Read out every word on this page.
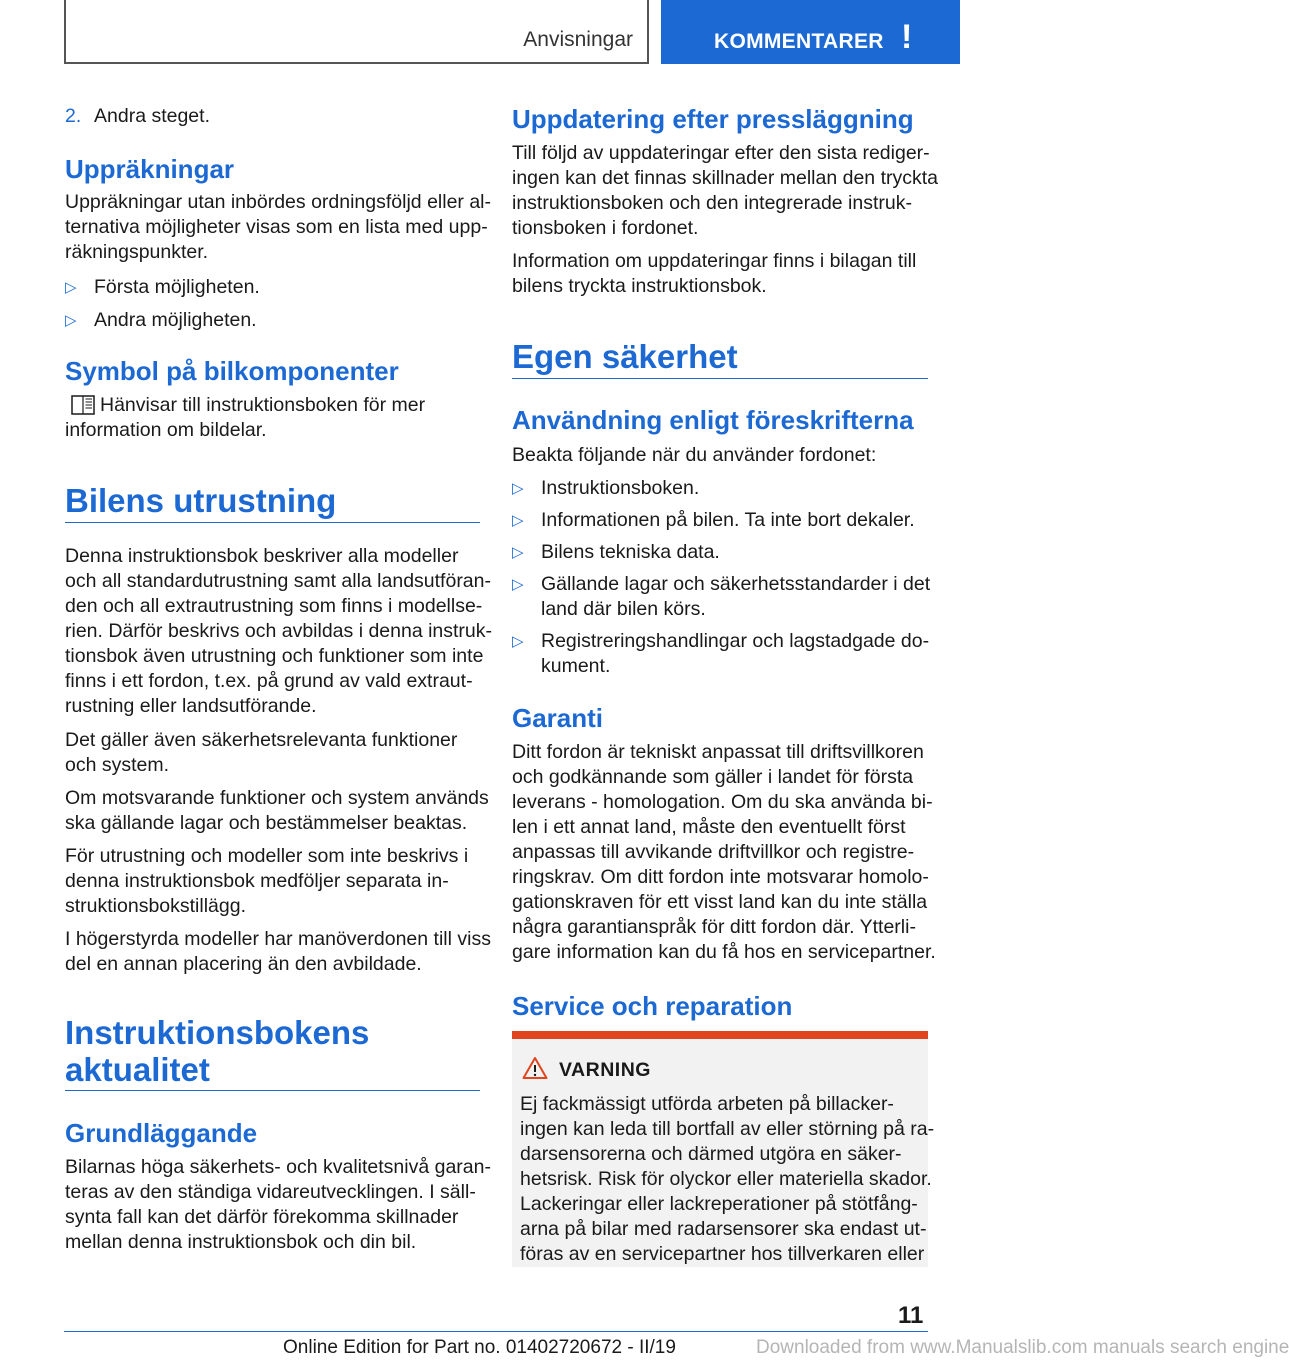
Anvisningar	KOMMENTARER !
2. Andra steget.
Uppräkningar

Uppräkningar utan inbördes ordningsföljd eller al-

ternativa möjligheter visas som en lista med upp-

räkningspunkter.

▷ Första möjligheten.
▷ Andra möjligheten.
Symbol på bilkomponenter

Hänvisar till instruktionsboken för mer

information om bildelar.

Bilens utrustning

Denna instruktionsbok beskriver alla modeller

och all standardutrustning samt alla landsutföran-

den och all extrautrustning som finns i modellse-

rien. Därför beskrivs och avbildas i denna instruk-

tionsbok även utrustning och funktioner som inte

finns i ett fordon, t.ex. på grund av vald extraut-

rustning eller landsutförande.

Det gäller även säkerhetsrelevanta funktioner

och system.

Om motsvarande funktioner och system används

ska gällande lagar och bestämmelser beaktas.

För utrustning och modeller som inte beskrivs i

denna instruktionsbok medföljer separata in-

struktionsbokstillägg.

I högerstyrda modeller har manöverdonen till viss

del en annan placering än den avbildade.

Instruktionsbokens
aktualitet
Grundläggande

Bilarnas höga säkerhets- och kvalitetsnivå garan-

teras av den ständiga vidareutvecklingen. I säll-

synta fall kan det därför förekomma skillnader

mellan denna instruktionsbok och din bil.

Uppdatering efter pressläggning

Till följd av uppdateringar efter den sista rediger-

ingen kan det finnas skillnader mellan den tryckta

instruktionsboken och den integrerade instruk-

tionsboken i fordonet.

Information om uppdateringar finns i bilagan till

bilens tryckta instruktionsbok.

Egen säkerhet
Användning enligt föreskrifterna

Beakta följande när du använder fordonet:

▷ Instruktionsboken.
▷ Informationen på bilen. Ta inte bort dekaler.
▷ Bilens tekniska data.
▷ Gällande lagar och säkerhetsstandarder i det
land där bilen körs.
▷ Registreringshandlingar och lagstadgade do-
kument.
Garanti

Ditt fordon är tekniskt anpassat till driftsvillkoren

och godkännande som gäller i landet för första

leverans - homologation. Om du ska använda bi-

len i ett annat land, måste den eventuellt först

anpassas till avvikande driftvillkor och registre-

ringskrav. Om ditt fordon inte motsvarar homolo-

gationskraven för ett visst land kan du inte ställa

några garantianspråk för ditt fordon där. Ytterli-

gare information kan du få hos en servicepartner.

Service och reparation
VARNING

Ej fackmässigt utförda arbeten på billacker-

ingen kan leda till bortfall av eller störning på ra-

darsensorerna och därmed utgöra en säker-

hetsrisk. Risk för olyckor eller materiella skador.

Lackeringar eller lackreperationer på stötfång-

arna på bilar med radarsensorer ska endast ut-

föras av en servicepartner hos tillverkaren eller

11
Online Edition for Part no. 01402720672 - II/19	Downloaded from www.Manualslib.com manuals search engine
